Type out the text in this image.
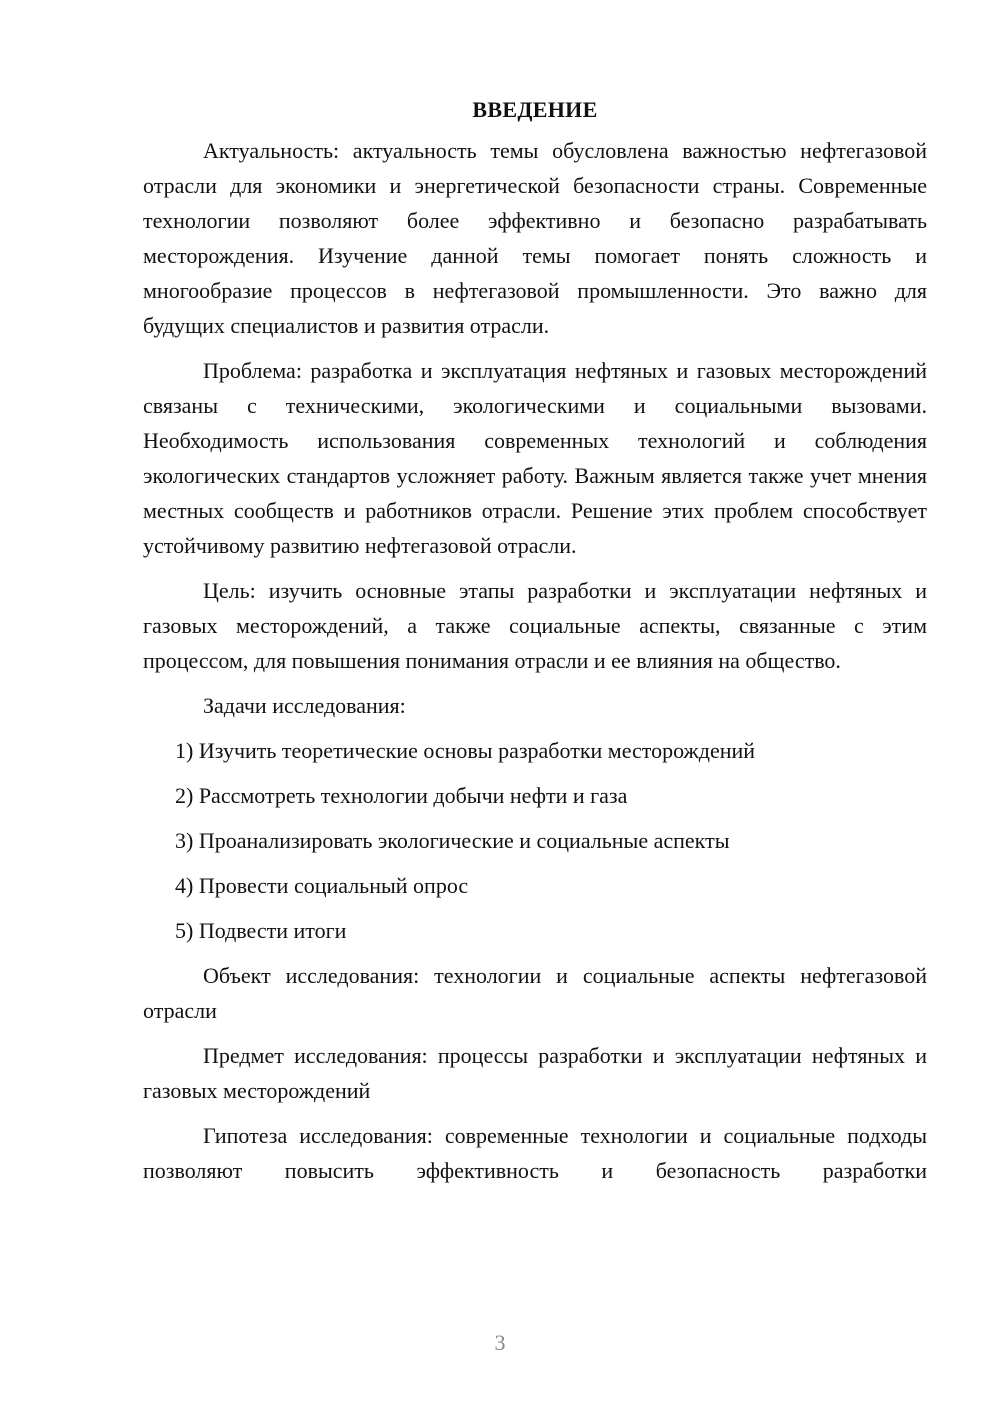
ВВЕДЕНИЕ

Актуальность: актуальность темы обусловлена важностью нефтегазовой отрасли для экономики и энергетической безопасности страны. Современные технологии позволяют более эффективно и безопасно разрабатывать месторождения. Изучение данной темы помогает понять сложность и многообразие процессов в нефтегазовой промышленности. Это важно для будущих специалистов и развития отрасли.

Проблема: разработка и эксплуатация нефтяных и газовых месторождений связаны с техническими, экологическими и социальными вызовами. Необходимость использования современных технологий и соблюдения экологических стандартов усложняет работу. Важным является также учет мнения местных сообществ и работников отрасли. Решение этих проблем способствует устойчивому развитию нефтегазовой отрасли.

Цель: изучить основные этапы разработки и эксплуатации нефтяных и газовых месторождений, а также социальные аспекты, связанные с этим процессом, для повышения понимания отрасли и ее влияния на общество.

Задачи исследования:

1) Изучить теоретические основы разработки месторождений
2) Рассмотреть технологии добычи нефти и газа
3) Проанализировать экологические и социальные аспекты
4) Провести социальный опрос
5) Подвести итоги

Объект исследования: технологии и социальные аспекты нефтегазовой отрасли

Предмет исследования: процессы разработки и эксплуатации нефтяных и газовых месторождений

Гипотеза исследования: современные технологии и социальные подходы позволяют повысить эффективность и безопасность разработки

3
